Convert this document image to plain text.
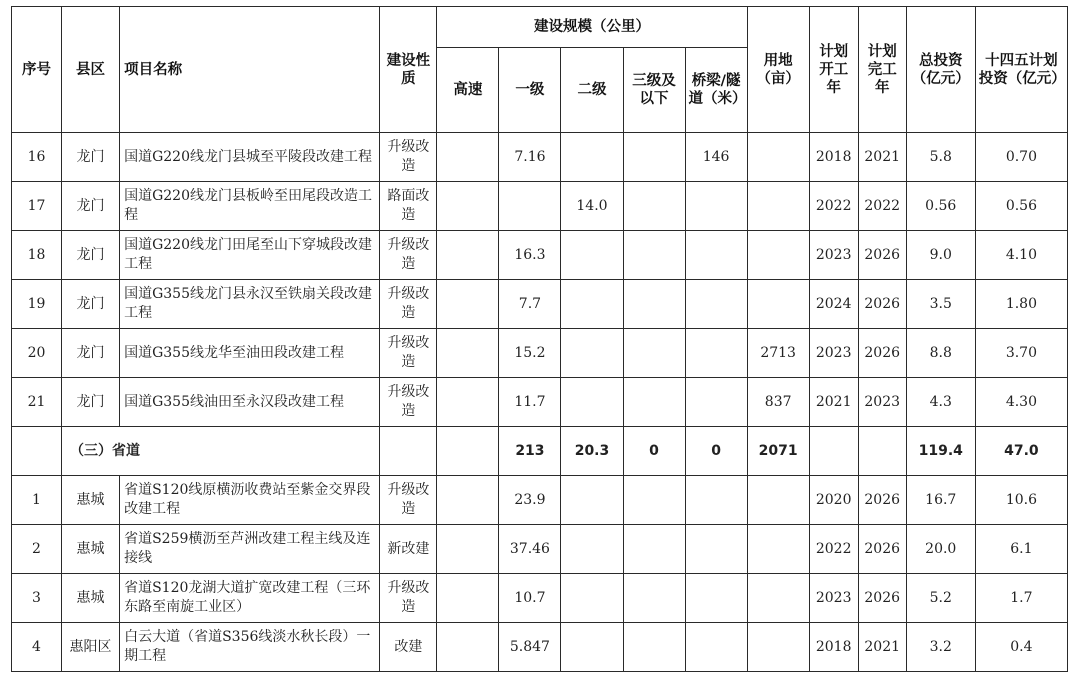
序号	县区	项目名称	建设性质	建设规模（公里）					用地（亩）	计划开工年	计划完工年	总投资（亿元）	十四五计划投资（亿元）
				高速	一级	二级	三级及以下	桥梁/隧道（米）					
16	龙门	国道G220线龙门县城至平陵段改建工程	升级改造		7.16			146		2018	2021	5.8	0.70
17	龙门	国道G220线龙门县板岭至田尾段改造工程	路面改造			14.0				2022	2022	0.56	0.56
18	龙门	国道G220线龙门田尾至山下穿城段改建工程	升级改造		16.3					2023	2026	9.0	4.10
19	龙门	国道G355线龙门县永汉至铁扇关段改建工程	升级改造		7.7					2024	2026	3.5	1.80
20	龙门	国道G355线龙华至油田段改建工程	升级改造		15.2				2713	2023	2026	8.8	3.70
21	龙门	国道G355线油田至永汉段改建工程	升级改造		11.7				837	2021	2023	4.3	4.30
	（三）省道				213	20.3	0	0	2071			119.4	47.0
1	惠城	省道S120线原横沥收费站至紫金交界段改建工程	升级改造		23.9					2020	2026	16.7	10.6
2	惠城	省道S259横沥至芦洲改建工程主线及连接线	新改建		37.46					2022	2026	20.0	6.1
3	惠城	省道S120龙湖大道扩宽改建工程（三环东路至南旋工业区）	升级改造		10.7					2023	2026	5.2	1.7
4	惠阳区	白云大道（省道S356线淡水秋长段）一期工程	改建		5.847					2018	2021	3.2	0.4
